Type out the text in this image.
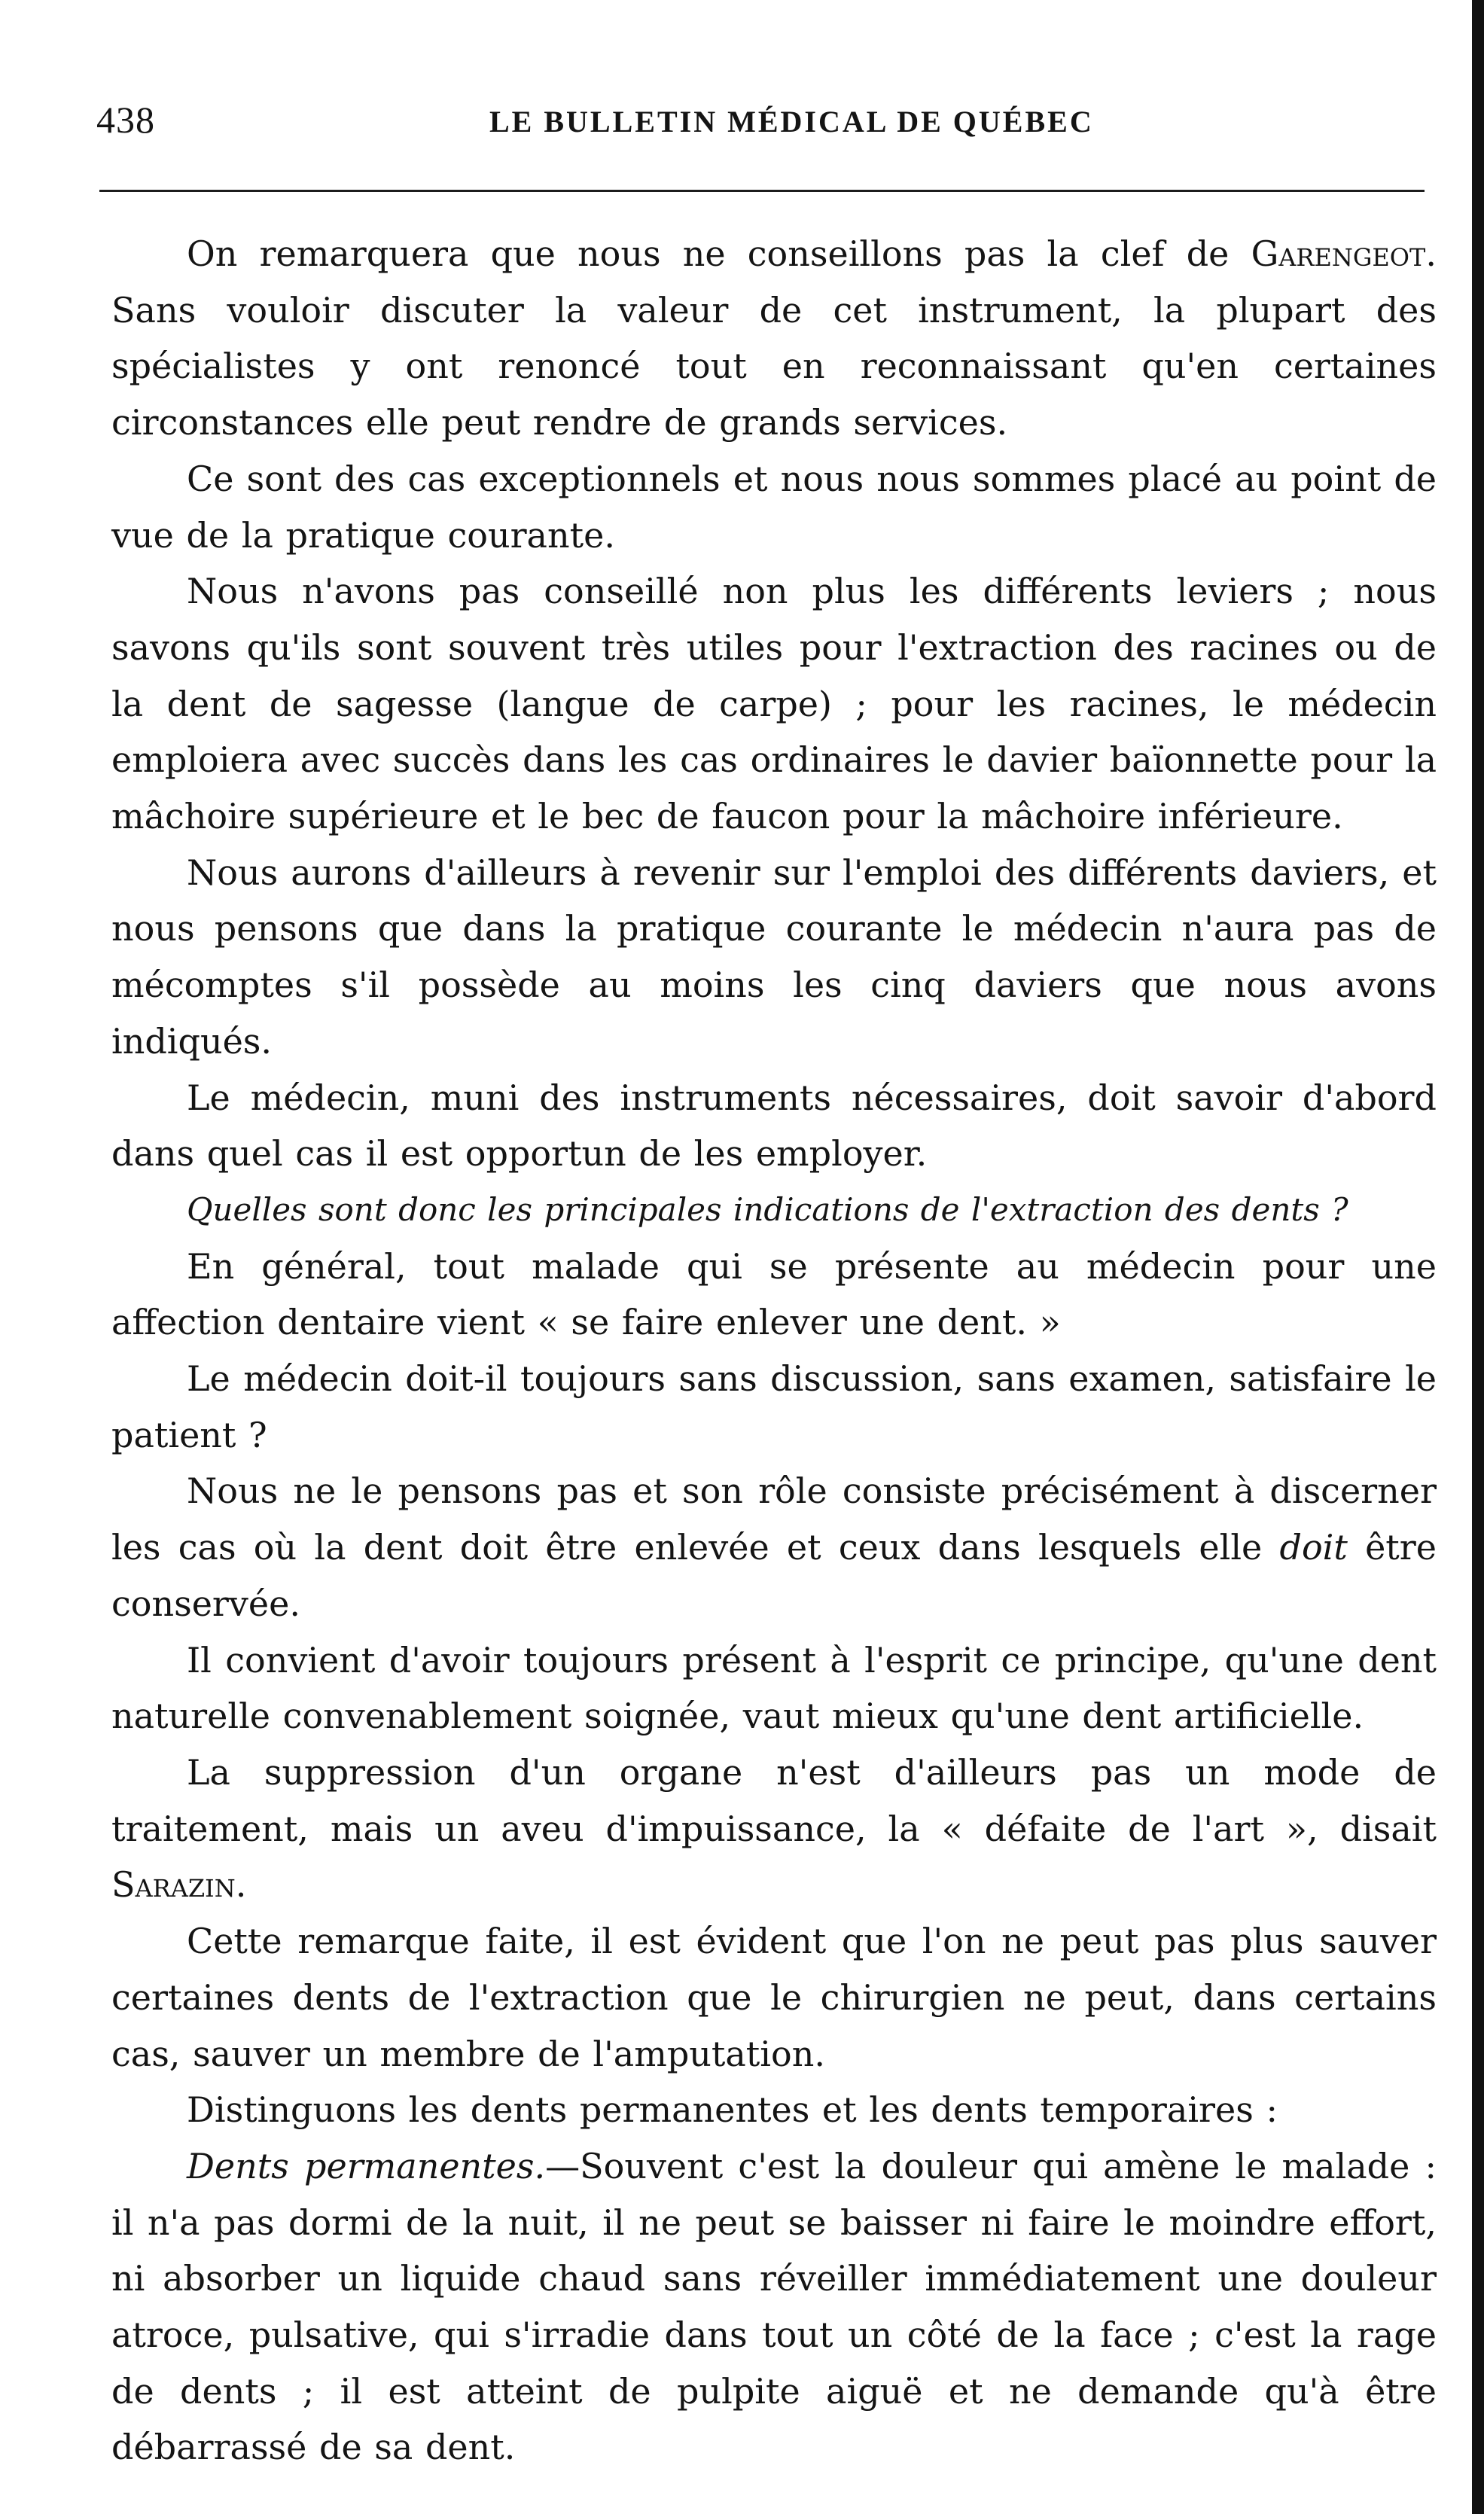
438	LE BULLETIN MÉDICAL DE QUÉBEC

On remarquera que nous ne conseillons pas la clef de Garengeot. Sans vouloir discuter la valeur de cet instrument, la plupart des spécialistes y ont renoncé tout en reconnaissant qu'en certaines circonstances elle peut rendre de grands services.

Ce sont des cas exceptionnels et nous nous sommes placé au point de vue de la pratique courante.

Nous n'avons pas conseillé non plus les différents leviers ; nous savons qu'ils sont souvent très utiles pour l'extraction des racines ou de la dent de sagesse (langue de carpe) ; pour les racines, le médecin emploiera avec succès dans les cas ordinaires le davier baïonnette pour la mâchoire supérieure et le bec de faucon pour la mâchoire inférieure.

Nous aurons d'ailleurs à revenir sur l'emploi des différents daviers, et nous pensons que dans la pratique courante le médecin n'aura pas de mécomptes s'il possède au moins les cinq daviers que nous avons indiqués.

Le médecin, muni des instruments nécessaires, doit savoir d'abord dans quel cas il est opportun de les employer.

Quelles sont donc les principales indications de l'extraction des dents ?

En général, tout malade qui se présente au médecin pour une affection dentaire vient « se faire enlever une dent. »

Le médecin doit-il toujours sans discussion, sans examen, satisfaire le patient ?

Nous ne le pensons pas et son rôle consiste précisément à discerner les cas où la dent doit être enlevée et ceux dans lesquels elle doit être conservée.

Il convient d'avoir toujours présent à l'esprit ce principe, qu'une dent naturelle convenablement soignée, vaut mieux qu'une dent artificielle.

La suppression d'un organe n'est d'ailleurs pas un mode de traitement, mais un aveu d'impuissance, la « défaite de l'art », disait Sarazin.

Cette remarque faite, il est évident que l'on ne peut pas plus sauver certaines dents de l'extraction que le chirurgien ne peut, dans certains cas, sauver un membre de l'amputation.

Distinguons les dents permanentes et les dents temporaires :

Dents permanentes.—Souvent c'est la douleur qui amène le malade : il n'a pas dormi de la nuit, il ne peut se baisser ni faire le moindre effort, ni absorber un liquide chaud sans réveiller immédiatement une douleur atroce, pulsative, qui s'irradie dans tout un côté de la face ; c'est la rage de dents ; il est atteint de pulpite aiguë et ne demande qu'à être débarrassé de sa dent.
